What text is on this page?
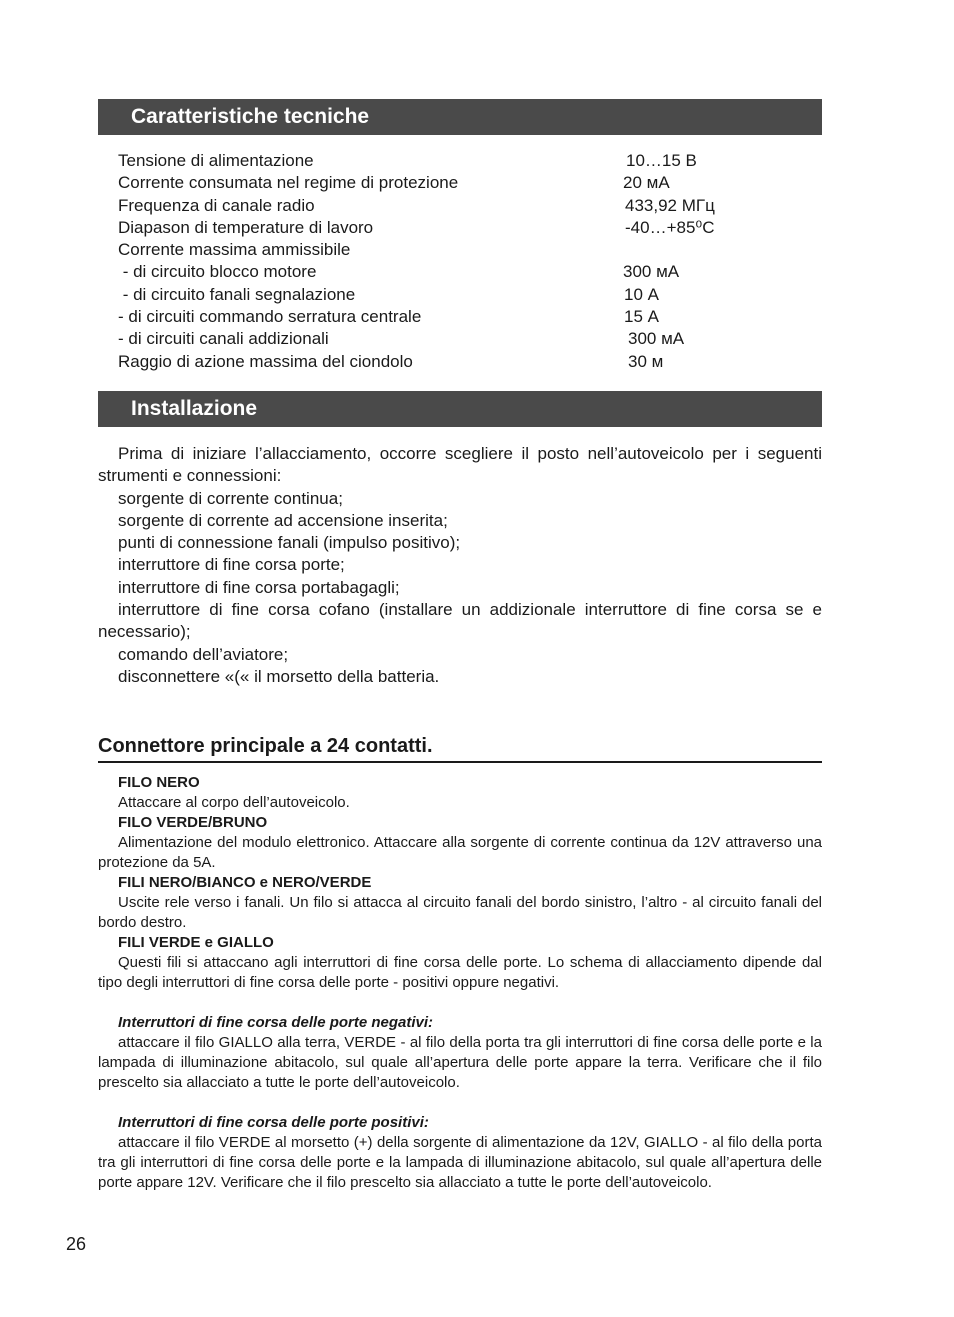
Caratteristiche tecniche
Tensione di alimentazione	10…15 В
Corrente consumata nel regime di protezione	20 мА
Frequenza di canale radio	433,92 МГц
Diapason di temperature di lavoro	-40…+85⁰C
Corrente massima ammissibile
- di circuito blocco motore	300 мА
- di circuito fanali segnalazione	10 А
- di circuiti commando serratura centrale	15 А
- di circuiti canali addizionali	300 мА
Raggio di azione massima del ciondolo	30 м
Installazione

Prima di iniziare l’allacciamento, occorre scegliere il posto nell’autoveicolo per i seguenti strumenti e connessioni:

sorgente di corrente continua;

sorgente di corrente ad accensione inserita;

punti di connessione fanali (impulso positivo);

interruttore di fine corsa porte;

interruttore di fine corsa portabagagli;

interruttore di fine corsa cofano (installare un addizionale interruttore di fine corsa se e necessario);

comando dell’aviatore;

disconnettere «(« il morsetto della batteria.

Connettore principale a 24 contatti.

FILO NERO

Attaccare al corpo dell’autoveicolo.

FILO VERDE/BRUNO

Alimentazione del modulo elettronico. Attaccare alla sorgente di corrente continua da 12V attraverso una protezione da 5A.

FILI NERO/BIANCO e NERO/VERDE

Uscite rele verso i fanali. Un filo si attacca al circuito fanali del bordo sinistro, l’altro - al circuito fanali del bordo destro.

FILI VERDE e GIALLO

Questi fili si attaccano agli interruttori di fine corsa delle porte. Lo schema di allacciamento dipende dal tipo degli interruttori di fine corsa delle porte - positivi oppure negativi.

Interruttori di fine corsa delle porte negativi:

attaccare il filo GIALLO alla terra, VERDE - al filo della porta tra gli interruttori di fine corsa delle porte e la lampada di illuminazione abitacolo, sul quale all’apertura delle porte appare la terra. Verificare che il filo prescelto sia allacciato a tutte le porte dell’autoveicolo.

Interruttori di fine corsa delle porte positivi:

attaccare il filo VERDE al morsetto (+) della sorgente di alimentazione da 12V, GIALLO - al filo della porta tra gli interruttori di fine corsa delle porte e la lampada di illuminazione abitacolo, sul quale all’apertura delle porte appare 12V. Verificare che il filo prescelto sia allacciato a tutte le porte dell’autoveicolo.

26
